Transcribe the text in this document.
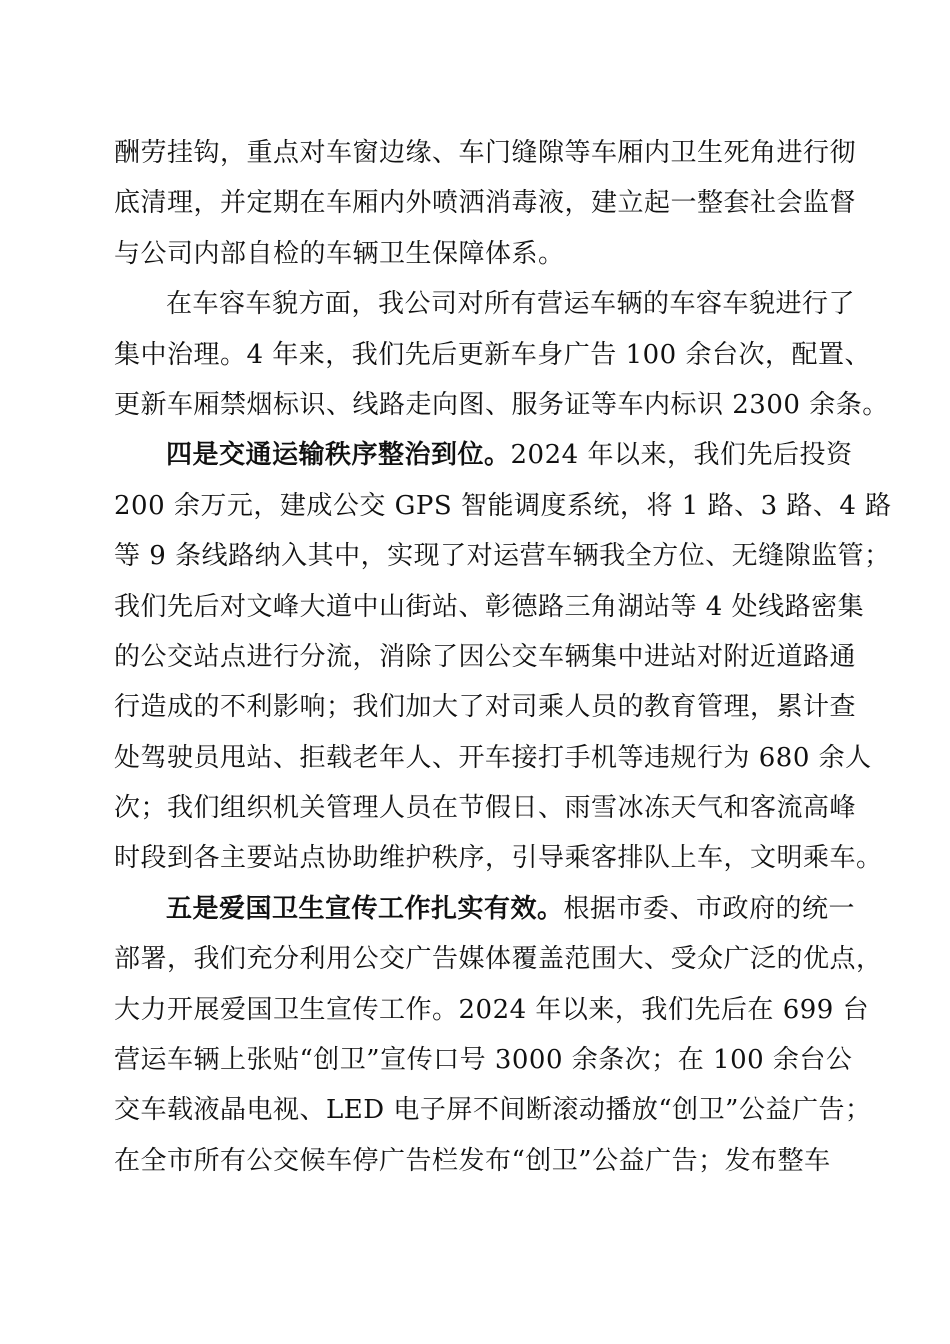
酬劳挂钩，重点对车窗边缘、车门缝隙等车厢内卫生死角进行彻
底清理，并定期在车厢内外喷洒消毒液，建立起一整套社会监督
与公司内部自检的车辆卫生保障体系。
在车容车貌方面，我公司对所有营运车辆的车容车貌进行了
集中治理。4 年来，我们先后更新车身广告 100 余台次，配置、
更新车厢禁烟标识、线路走向图、服务证等车内标识 2300 余条。
四是交通运输秩序整治到位。2024 年以来，我们先后投资
200 余万元，建成公交 GPS 智能调度系统，将 1 路、3 路、4 路
等 9 条线路纳入其中，实现了对运营车辆我全方位、无缝隙监管；
我们先后对文峰大道中山街站、彰德路三角湖站等 4 处线路密集
的公交站点进行分流，消除了因公交车辆集中进站对附近道路通
行造成的不利影响；我们加大了对司乘人员的教育管理，累计查
处驾驶员甩站、拒载老年人、开车接打手机等违规行为 680 余人
次；我们组织机关管理人员在节假日、雨雪冰冻天气和客流高峰
时段到各主要站点协助维护秩序，引导乘客排队上车，文明乘车。
五是爱国卫生宣传工作扎实有效。根据市委、市政府的统一
部署，我们充分利用公交广告媒体覆盖范围大、受众广泛的优点，
大力开展爱国卫生宣传工作。2024 年以来，我们先后在 699 台
营运车辆上张贴“创卫”宣传口号 3000 余条次；在 100 余台公
交车载液晶电视、LED 电子屏不间断滚动播放“创卫”公益广告；
在全市所有公交候车停广告栏发布“创卫”公益广告；发布整车
